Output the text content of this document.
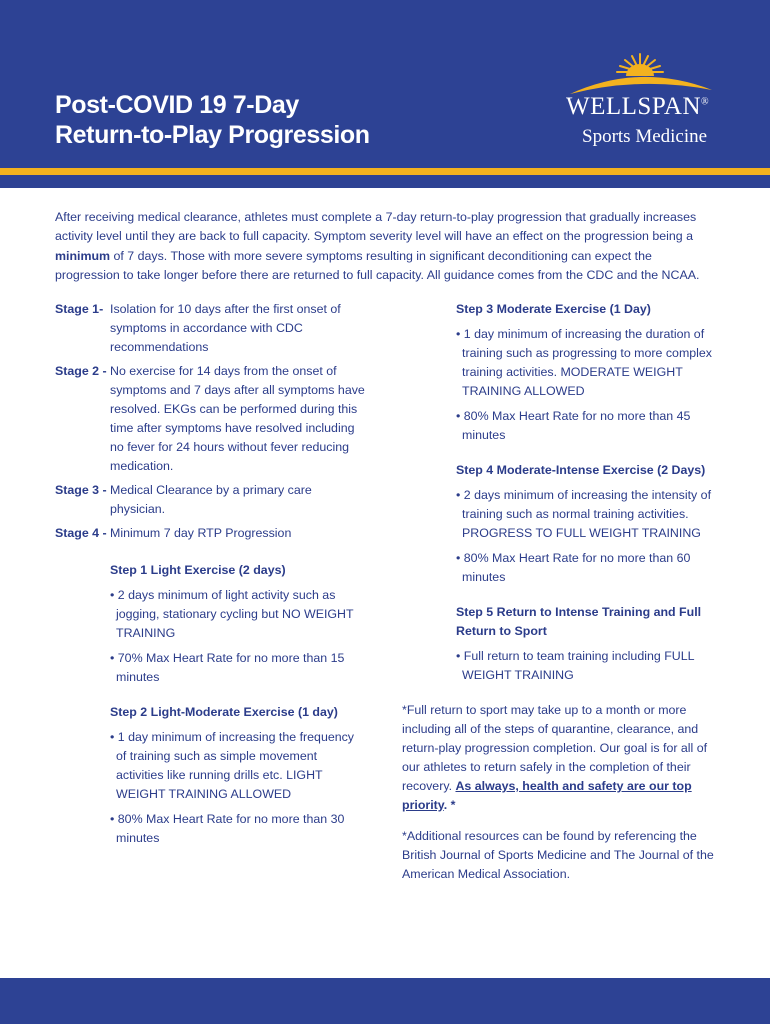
Post-COVID 19 7-Day
Return-to-Play Progression
WELLSPAN®
Sports Medicine
After receiving medical clearance, athletes must complete a 7-day return-to-play progression that gradually increases activity level until they are back to full capacity. Symptom severity level will have an effect on the progression being a minimum of 7 days. Those with more severe symptoms resulting in significant deconditioning can expect the progression to take longer before there are returned to full capacity. All guidance comes from the CDC and the NCAA.
Stage 1- Isolation for 10 days after the first onset of symptoms in accordance with CDC recommendations
Stage 2 - No exercise for 14 days from the onset of symptoms and 7 days after all symptoms have resolved. EKGs can be performed during this time after symptoms have resolved including no fever for 24 hours without fever reducing medication.
Stage 3 - Medical Clearance by a primary care physician.
Stage 4 - Minimum 7 day RTP Progression
Step 1 Light Exercise (2 days)
• 2 days minimum of light activity such as jogging, stationary cycling but NO WEIGHT TRAINING
• 70% Max Heart Rate for no more than 15 minutes
Step 2 Light-Moderate Exercise (1 day)
• 1 day minimum of increasing the frequency of training such as simple movement activities like running drills etc. LIGHT WEIGHT TRAINING ALLOWED
• 80% Max Heart Rate for no more than 30 minutes
Step 3 Moderate Exercise (1 Day)
• 1 day minimum of increasing the duration of training such as progressing to more complex training activities. MODERATE WEIGHT TRAINING ALLOWED
• 80% Max Heart Rate for no more than 45 minutes
Step 4 Moderate-Intense Exercise (2 Days)
• 2 days minimum of increasing the intensity of training such as normal training activities. PROGRESS TO FULL WEIGHT TRAINING
• 80% Max Heart Rate for no more than 60 minutes
Step 5 Return to Intense Training and Full Return to Sport
• Full return to team training including FULL WEIGHT TRAINING
*Full return to sport may take up to a month or more including all of the steps of quarantine, clearance, and return-play progression completion. Our goal is for all of our athletes to return safely in the completion of their recovery. As always, health and safety are our top priority. *
*Additional resources can be found by referencing the British Journal of Sports Medicine and The Journal of the American Medical Association.
